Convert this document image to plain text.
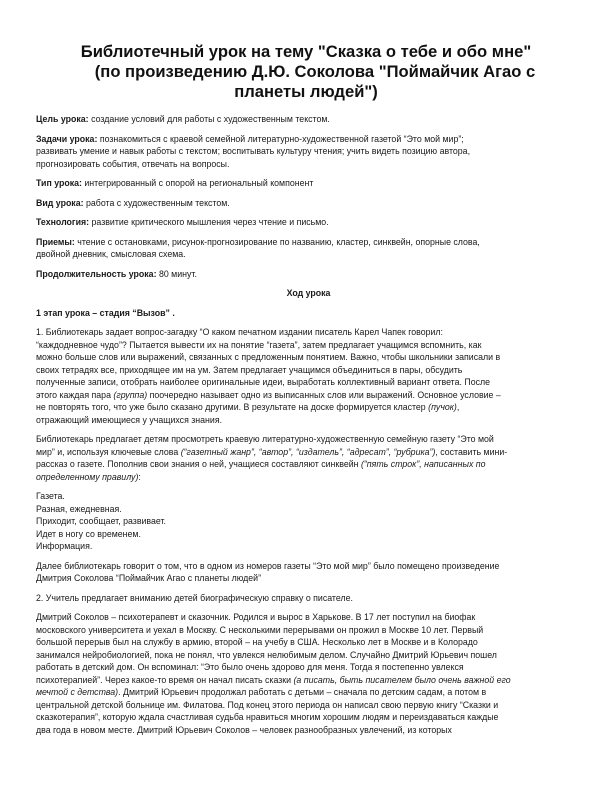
Библиотечный урок на тему "Сказка о тебе и обо мне"
(по произведению Д.Ю. Соколова "Поймайчик Агао с
планеты людей")

Цель урока: создание условий для работы с художественным текстом.

Задачи урока: познакомиться с краевой семейной литературно-художественной газетой “Это мой мир”;
развивать умение и навык работы с текстом; воспитывать культуру чтения; учить видеть позицию автора,
прогнозировать события, отвечать на вопросы.

Тип урока: интегрированный с опорой на региональный компонент

Вид урока: работа с художественным текстом.

Технология: развитие критического мышления через чтение и письмо.

Приемы: чтение с остановками, рисунок-прогнозирование по названию, кластер, синквейн, опорные слова,
двойной дневник, смысловая схема.

Продолжительность урока: 80 минут.

Ход урока

1 этап урока – стадия “Вызов” .

1. Библиотекарь задает вопрос-загадку “О каком печатном издании писатель Карел Чапек говорил:
“каждодневное чудо”? Пытается вывести их на понятие “газета”, затем предлагает учащимся вспомнить, как
можно больше слов или выражений, связанных с предложенным понятием. Важно, чтобы школьники записали в
своих тетрадях все, приходящее им на ум. Затем предлагает учащимся объединиться в пары, обсудить
полученные записи, отобрать наиболее оригинальные идеи, выработать коллективный вариант ответа. После
этого каждая пара (группа) поочередно называет одно из выписанных слов или выражений. Основное условие –
не повторять того, что уже было сказано другими. В результате на доске формируется кластер (пучок),
отражающий имеющиеся у учащихся знания.
Библиотекарь предлагает детям просмотреть краевую литературно-художественную семейную газету “Это мой
мир” и, используя ключевые слова (“газетный жанр”, “автор”, “издатель”, “адресат”, “рубрика”), составить мини-
рассказ о газете. Пополнив свои знания о ней, учащиеся составляют синквейн (“пять строк”, написанных по
определенному правилу):
Газета.
Разная, ежедневная.
Приходит, сообщает, развивает.
Идет в ногу со временем.
Информация.
Далее библиотекарь говорит о том, что в одном из номеров газеты “Это мой мир” было помещено произведение
Дмитрия Соколова “Поймайчик Агао с планеты людей”

2. Учитель предлагает вниманию детей биографическую справку о писателе.

Дмитрий Соколов – психотерапевт и сказочник. Родился и вырос в Харькове. В 17 лет поступил на биофак
московского университета и уехал в Москву. С несколькими перерывами он прожил в Москве 10 лет. Первый
большой перерыв был на службу в армию, второй – на учебу в США. Несколько лет в Москве и в Колорадо
занимался нейробиологией, пока не понял, что увлекся нелюбимым делом. Случайно Дмитрий Юрьевич пошел
работать в детский дом. Он вспоминал: “Это было очень здорово для меня. Тогда я постепенно увлекся
психотерапией”. Через какое-то время он начал писать сказки (а писать, быть писателем было очень важной его
мечтой с детства). Дмитрий Юрьевич продолжал работать с детьми – сначала по детским садам, а потом в
центральной детской больнице им. Филатова. Под конец этого периода он написал свою первую книгу “Сказки и
сказкотерапия”, которую ждала счастливая судьба нравиться многим хорошим людям и переиздаваться каждые
два года в новом месте. Дмитрий Юрьевич Соколов – человек разнообразных увлечений, из которых
